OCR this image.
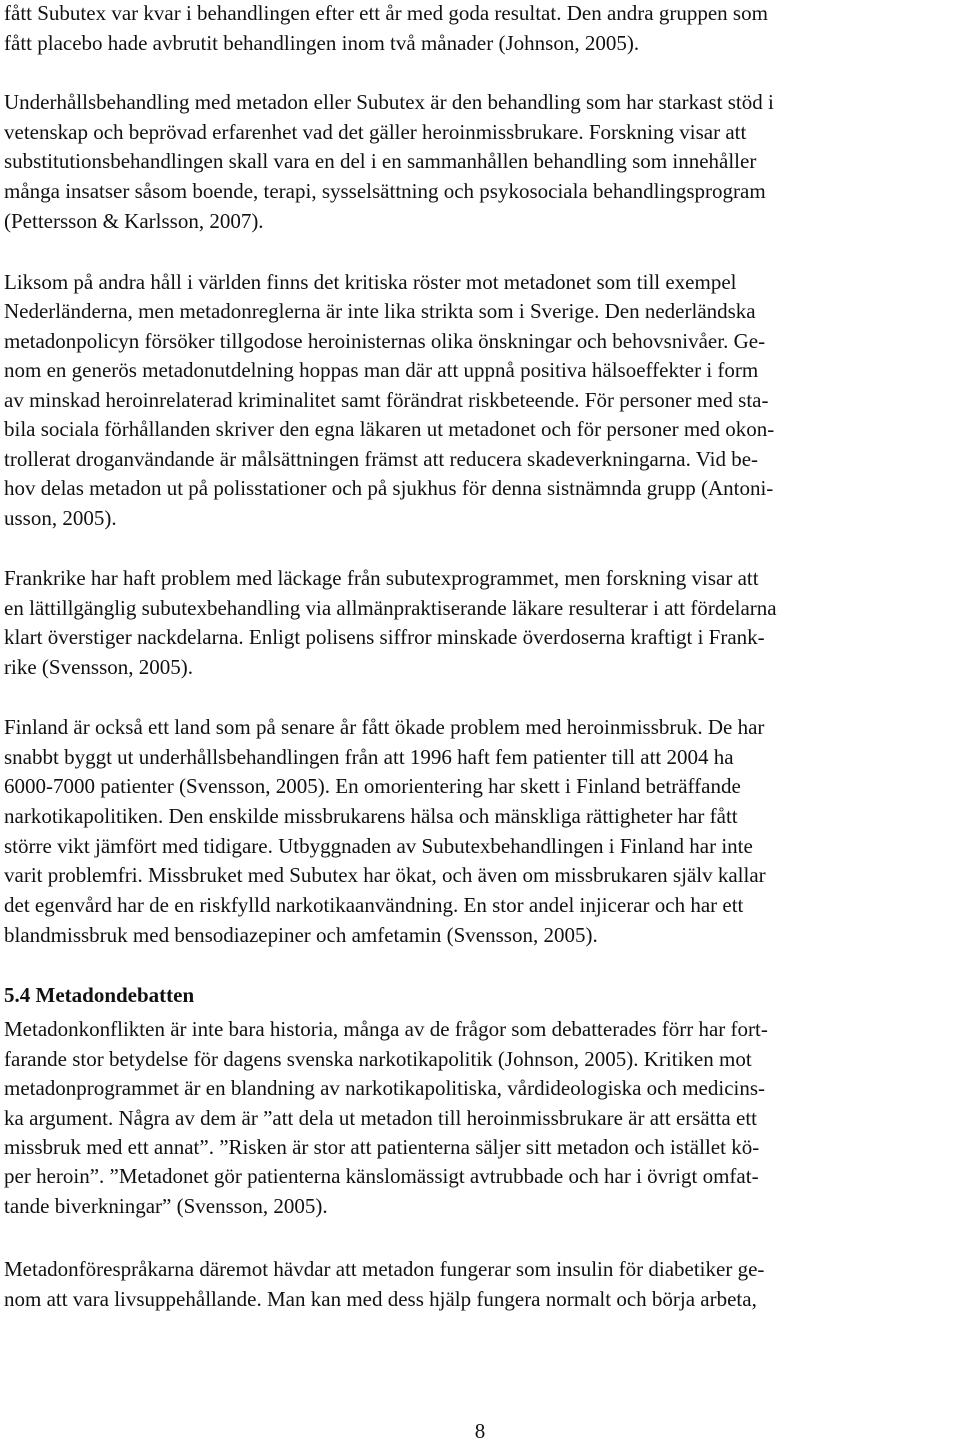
fått Subutex var kvar i behandlingen efter ett år med goda resultat. Den andra gruppen som
fått placebo hade avbrutit behandlingen inom två månader (Johnson, 2005).
Underhållsbehandling med metadon eller Subutex är den behandling som har starkast stöd i
vetenskap och beprövad erfarenhet vad det gäller heroinmissbrukare. Forskning visar att
substitutionsbehandlingen skall vara en del i en sammanhållen behandling som innehåller
många insatser såsom boende, terapi, sysselsättning och psykosociala behandlingsprogram
(Pettersson & Karlsson, 2007).
Liksom på andra håll i världen finns det kritiska röster mot metadonet som till exempel
Nederländerna, men metadonreglerna är inte lika strikta som i Sverige. Den nederländska
metadonpolicyn försöker tillgodose heroinisternas olika önskningar och behovsnivåer. Ge-
nom en generös metadonutdelning hoppas man där att uppnå positiva hälsoeffekter i form
av minskad heroinrelaterad kriminalitet samt förändrat riskbeteende. För personer med sta-
bila sociala förhållanden skriver den egna läkaren ut metadonet och för personer med okon-
trollerat droganvändande är målsättningen främst att reducera skadeverkningarna. Vid be-
hov delas metadon ut på polisstationer och på sjukhus för denna sistnämnda grupp (Antoni-
usson, 2005).
Frankrike har haft problem med läckage från subutexprogrammet, men forskning visar att
en lättillgänglig subutexbehandling via allmänpraktiserande läkare resulterar i att fördelarna
klart överstiger nackdelarna. Enligt polisens siffror minskade överdoserna kraftigt i Frank-
rike (Svensson, 2005).
Finland är också ett land som på senare år fått ökade problem med heroinmissbruk. De har
snabbt byggt ut underhållsbehandlingen från att 1996 haft fem patienter till att 2004 ha
6000-7000 patienter (Svensson, 2005). En omorientering har skett i Finland beträffande
narkotikapolitiken. Den enskilde missbrukarens hälsa och mänskliga rättigheter har fått
större vikt jämfört med tidigare. Utbyggnaden av Subutexbehandlingen i Finland har inte
varit problemfri. Missbruket med Subutex har ökat, och även om missbrukaren själv kallar
det egenvård har de en riskfylld narkotikaanvändning. En stor andel injicerar och har ett
blandmissbruk med bensodiazepiner och amfetamin (Svensson, 2005).
5.4 Metadondebatten
Metadonkonflikten är inte bara historia, många av de frågor som debatterades förr har fort-
farande stor betydelse för dagens svenska narkotikapolitik (Johnson, 2005). Kritiken mot
metadonprogrammet är en blandning av narkotikapolitiska, vårdideologiska och medicins-
ka argument. Några av dem är ”att dela ut metadon till heroinmissbrukare är att ersätta ett
missbruk med ett annat”. ”Risken är stor att patienterna säljer sitt metadon och istället kö-
per heroin”. ”Metadonet gör patienterna känslomässigt avtrubbade och har i övrigt omfat-
tande biverkningar” (Svensson, 2005).
Metadonförespråkarna däremot hävdar att metadon fungerar som insulin för diabetiker ge-
nom att vara livsuppehållande. Man kan med dess hjälp fungera normalt och börja arbeta,
8
